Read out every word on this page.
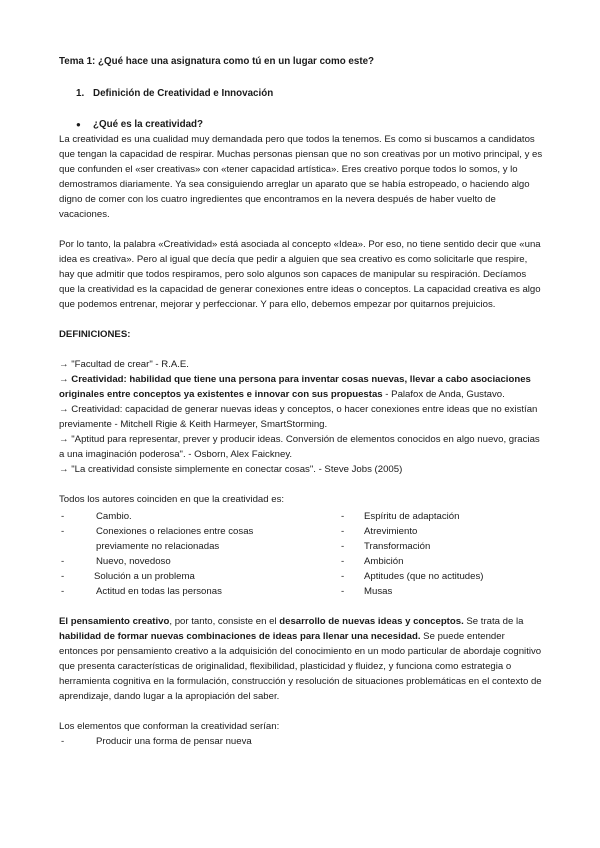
Tema 1: ¿Qué hace una asignatura como tú en un lugar como este?

1. Definición de Creatividad e Innovación

● ¿Qué es la creatividad?

La creatividad es una cualidad muy demandada pero que todos la tenemos. Es como si buscamos a candidatos que tengan la capacidad de respirar. Muchas personas piensan que no son creativas por un motivo principal, y es que confunden el «ser creativas» con «tener capacidad artística». Eres creativo porque todos lo somos, y lo demostramos diariamente. Ya sea consiguiendo arreglar un aparato que se había estropeado, o haciendo algo digno de comer con los cuatro ingredientes que encontramos en la nevera después de haber vuelto de vacaciones.

Por lo tanto, la palabra «Creatividad» está asociada al concepto «Idea». Por eso, no tiene sentido decir que «una idea es creativa». Pero al igual que decía que pedir a alguien que sea creativo es como solicitarle que respire, hay que admitir que todos respiramos, pero solo algunos son capaces de manipular su respiración. Decíamos que la creatividad es la capacidad de generar conexiones entre ideas o conceptos. La capacidad creativa es algo que podemos entrenar, mejorar y perfeccionar. Y para ello, debemos empezar por quitarnos prejuicios.

DEFINICIONES:

→ "Facultad de crear" - R.A.E.

→ Creatividad: habilidad que tiene una persona para inventar cosas nuevas, llevar a cabo asociaciones originales entre conceptos ya existentes e innovar con sus propuestas - Palafox de Anda, Gustavo.

→ Creatividad: capacidad de generar nuevas ideas y conceptos, o hacer conexiones entre ideas que no existían previamente - Mitchell Rigie & Keith Harmeyer, SmartStorming.

→ "Aptitud para representar, prever y producir ideas. Conversión de elementos conocidos en algo nuevo, gracias a una imaginación poderosa". - Osborn, Alex Faickney.

→ "La creatividad consiste simplemente en conectar cosas". - Steve Jobs (2005)

Todos los autores coinciden en que la creatividad es:

-	Cambio.
-	Conexiones o relaciones entre cosas previamente no relacionadas
-	Nuevo, novedoso
-	Solución a un problema
-	Actitud en todas las personas
-	Espíritu de adaptación
-	Atrevimiento
-	Transformación
-	Ambición
-	Aptitudes (que no actitudes)
-	Musas

El pensamiento creativo, por tanto, consiste en el desarrollo de nuevas ideas y conceptos. Se trata de la habilidad de formar nuevas combinaciones de ideas para llenar una necesidad. Se puede entender entonces por pensamiento creativo a la adquisición del conocimiento en un modo particular de abordaje cognitivo que presenta características de originalidad, flexibilidad, plasticidad y fluidez, y funciona como estrategia o herramienta cognitiva en la formulación, construcción y resolución de situaciones problemáticas en el contexto de aprendizaje, dando lugar a la apropiación del saber.

Los elementos que conforman la creatividad serían:

-	Producir una forma de pensar nueva
